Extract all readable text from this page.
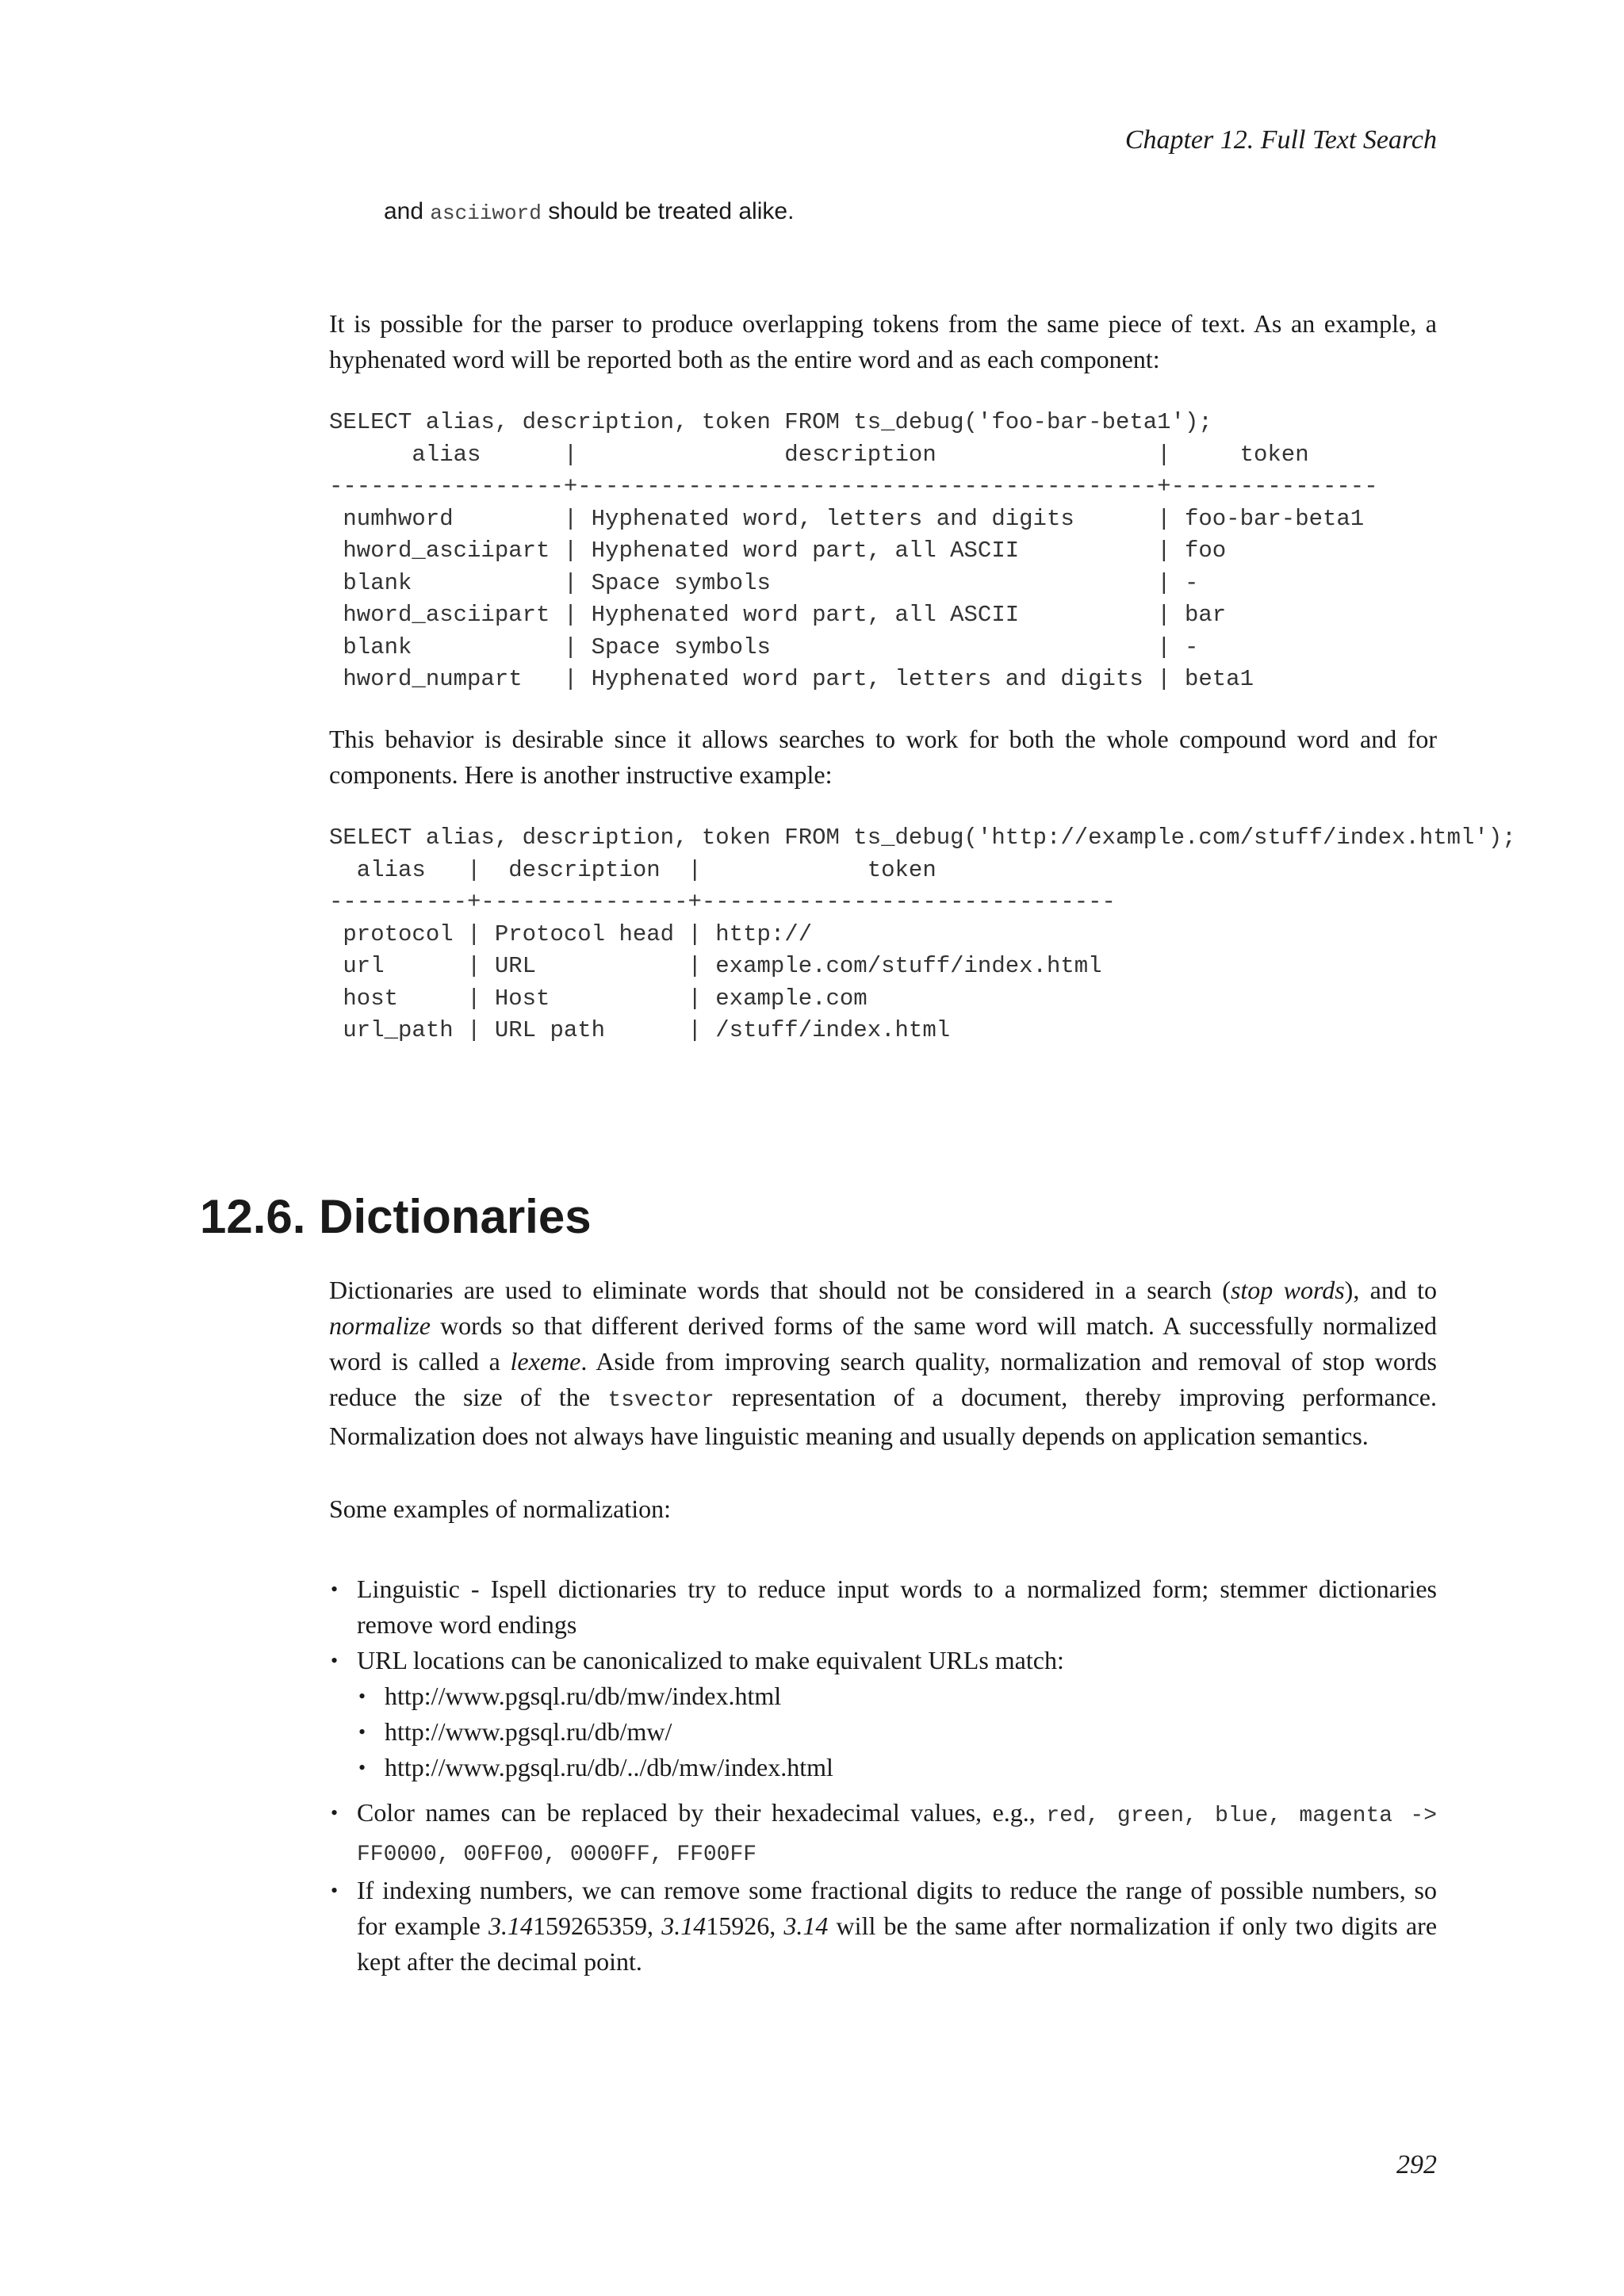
Chapter 12. Full Text Search
and asciiword should be treated alike.

It is possible for the parser to produce overlapping tokens from the same piece of text. As an example, a hyphenated word will be reported both as the entire word and as each component:

SELECT alias, description, token FROM ts_debug('foo-bar-beta1');
alias      |               description                |     token
-----------------+------------------------------------------+---------------
numhword        | Hyphenated word, letters and digits      | foo-bar-beta1
hword_asciipart | Hyphenated word part, all ASCII          | foo
blank           | Space symbols                            | -
hword_asciipart | Hyphenated word part, all ASCII          | bar
blank           | Space symbols                            | -
hword_numpart   | Hyphenated word part, letters and digits | beta1

This behavior is desirable since it allows searches to work for both the whole compound word and for components. Here is another instructive example:

SELECT alias, description, token FROM ts_debug('http://example.com/stuff/index.html');
alias   |  description  |            token
----------+---------------+------------------------------
protocol | Protocol head | http://
url      | URL           | example.com/stuff/index.html
host     | Host          | example.com
url_path | URL path      | /stuff/index.html
12.6. Dictionaries

Dictionaries are used to eliminate words that should not be considered in a search (stop words), and to normalize words so that different derived forms of the same word will match. A successfully normalized word is called a lexeme. Aside from improving search quality, normalization and removal of stop words reduce the size of the tsvector representation of a document, thereby improving performance. Normalization does not always have linguistic meaning and usually depends on application semantics.

Some examples of normalization:

• Linguistic - Ispell dictionaries try to reduce input words to a normalized form; stemmer dictionaries remove word endings
• URL locations can be canonicalized to make equivalent URLs match:
• http://www.pgsql.ru/db/mw/index.html
• http://www.pgsql.ru/db/mw/
• http://www.pgsql.ru/db/../db/mw/index.html
• Color names can be replaced by their hexadecimal values, e.g., red, green, blue, magenta -> FF0000, 00FF00, 0000FF, FF00FF
• If indexing numbers, we can remove some fractional digits to reduce the range of possible numbers, so for example 3.14159265359, 3.1415926, 3.14 will be the same after normalization if only two digits are kept after the decimal point.
292
